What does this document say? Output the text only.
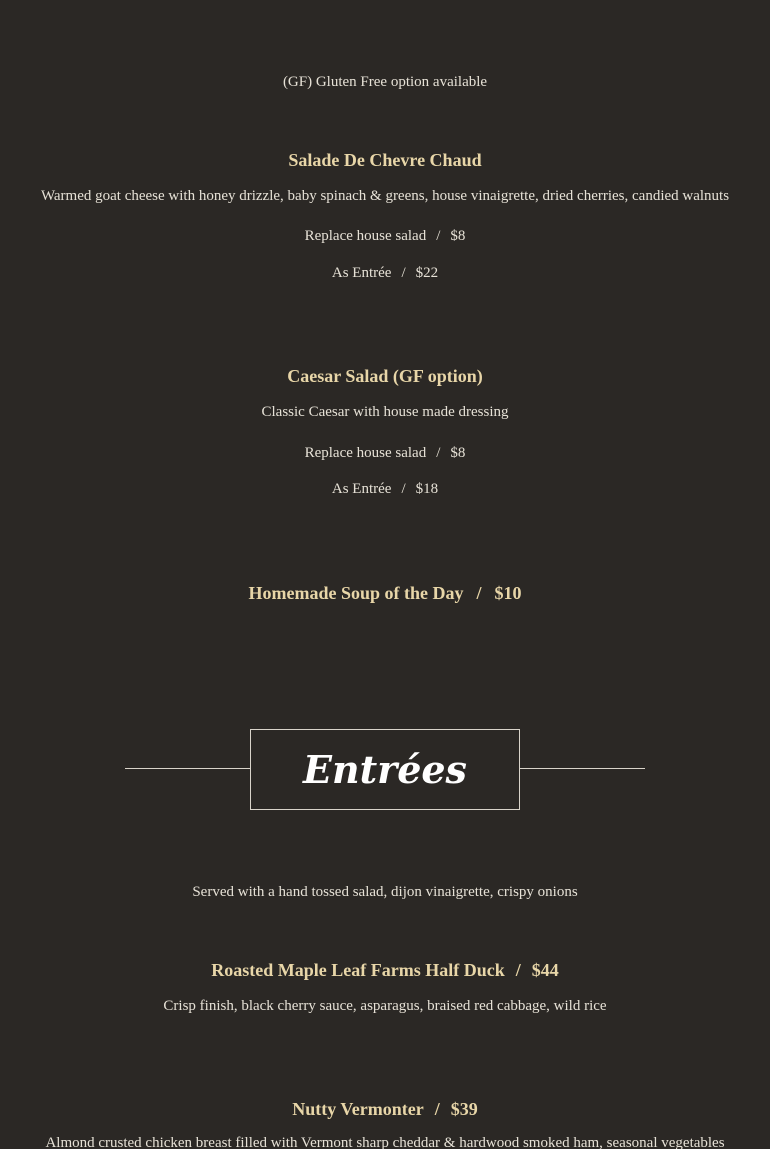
(GF) Gluten Free option available
Salade De Chevre Chaud
Warmed goat cheese with honey drizzle, baby spinach & greens, house vinaigrette, dried cherries, candied walnuts
Replace house salad / $8
As Entrée / $22
Caesar Salad (GF option)
Classic Caesar with house made dressing
Replace house salad / $8
As Entrée / $18
Homemade Soup of the Day / $10
Entrées
Served with a hand tossed salad, dijon vinaigrette, crispy onions
Roasted Maple Leaf Farms Half Duck / $44
Crisp finish, black cherry sauce, asparagus, braised red cabbage, wild rice
Nutty Vermonter / $39
Almond crusted chicken breast filled with Vermont sharp cheddar & hardwood smoked ham, seasonal vegetables
